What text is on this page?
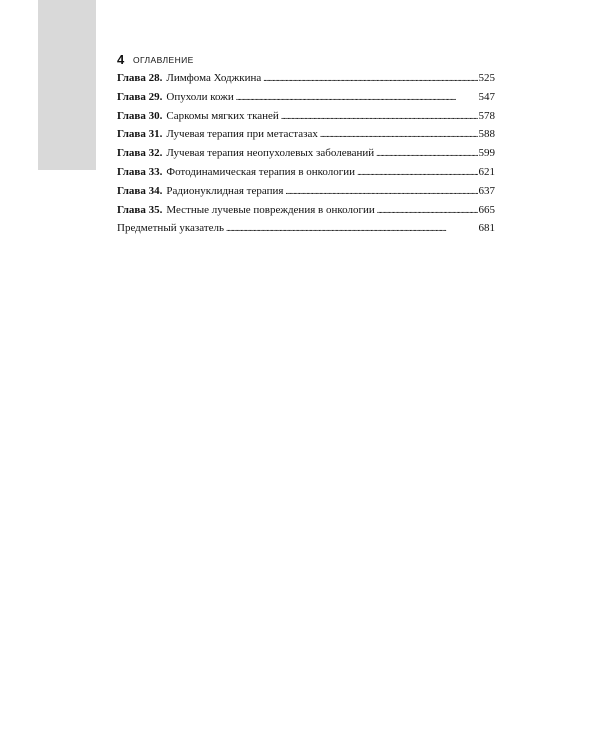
4 ОГЛАВЛЕНИЕ
Глава 28. Лимфома Ходжкина . . .	525
Глава 29. Опухоли кожи . . .	547
Глава 30. Саркомы мягких тканей . . .	578
Глава 31. Лучевая терапия при метастазах . . .	588
Глава 32. Лучевая терапия неопухолевых заболеваний . . .	599
Глава 33. Фотодинамическая терапия в онкологии . . .	621
Глава 34. Радионуклидная терапия . . .	637
Глава 35. Местные лучевые повреждения в онкологии . . .	665
Предметный указатель . . .	681
